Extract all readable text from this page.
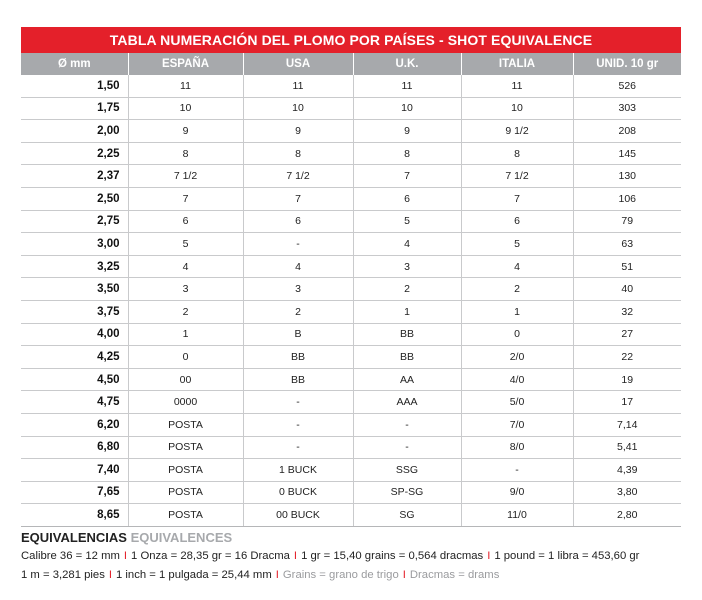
TABLA NUMERACIÓN DEL PLOMO POR PAÍSES - SHOT EQUIVALENCE
Ø mm	ESPAÑA	USA	U.K.	ITALIA	UNID. 10 gr
1,50	11	11	11	11	526
1,75	10	10	10	10	303
2,00	9	9	9	9 1/2	208
2,25	8	8	8	8	145
2,37	7 1/2	7 1/2	7	7 1/2	130
2,50	7	7	6	7	106
2,75	6	6	5	6	79
3,00	5	-	4	5	63
3,25	4	4	3	4	51
3,50	3	3	2	2	40
3,75	2	2	1	1	32
4,00	1	B	BB	0	27
4,25	0	BB	BB	2/0	22
4,50	00	BB	AA	4/0	19
4,75	0000	-	AAA	5/0	17
6,20	POSTA	-	-	7/0	7,14
6,80	POSTA	-	-	8/0	5,41
7,40	POSTA	1 BUCK	SSG	-	4,39
7,65	POSTA	0 BUCK	SP-SG	9/0	3,80
8,65	POSTA	00 BUCK	SG	11/0	2,80
EQUIVALENCIAS EQUIVALENCES
Calibre 36 = 12 mm I 1 Onza = 28,35 gr = 16 Dracma I 1 gr = 15,40 grains = 0,564 dracmas I 1 pound = 1 libra = 453,60 gr
1 m = 3,281 pies I 1 inch = 1 pulgada = 25,44 mm I Grains = grano de trigo I Dracmas = drams
